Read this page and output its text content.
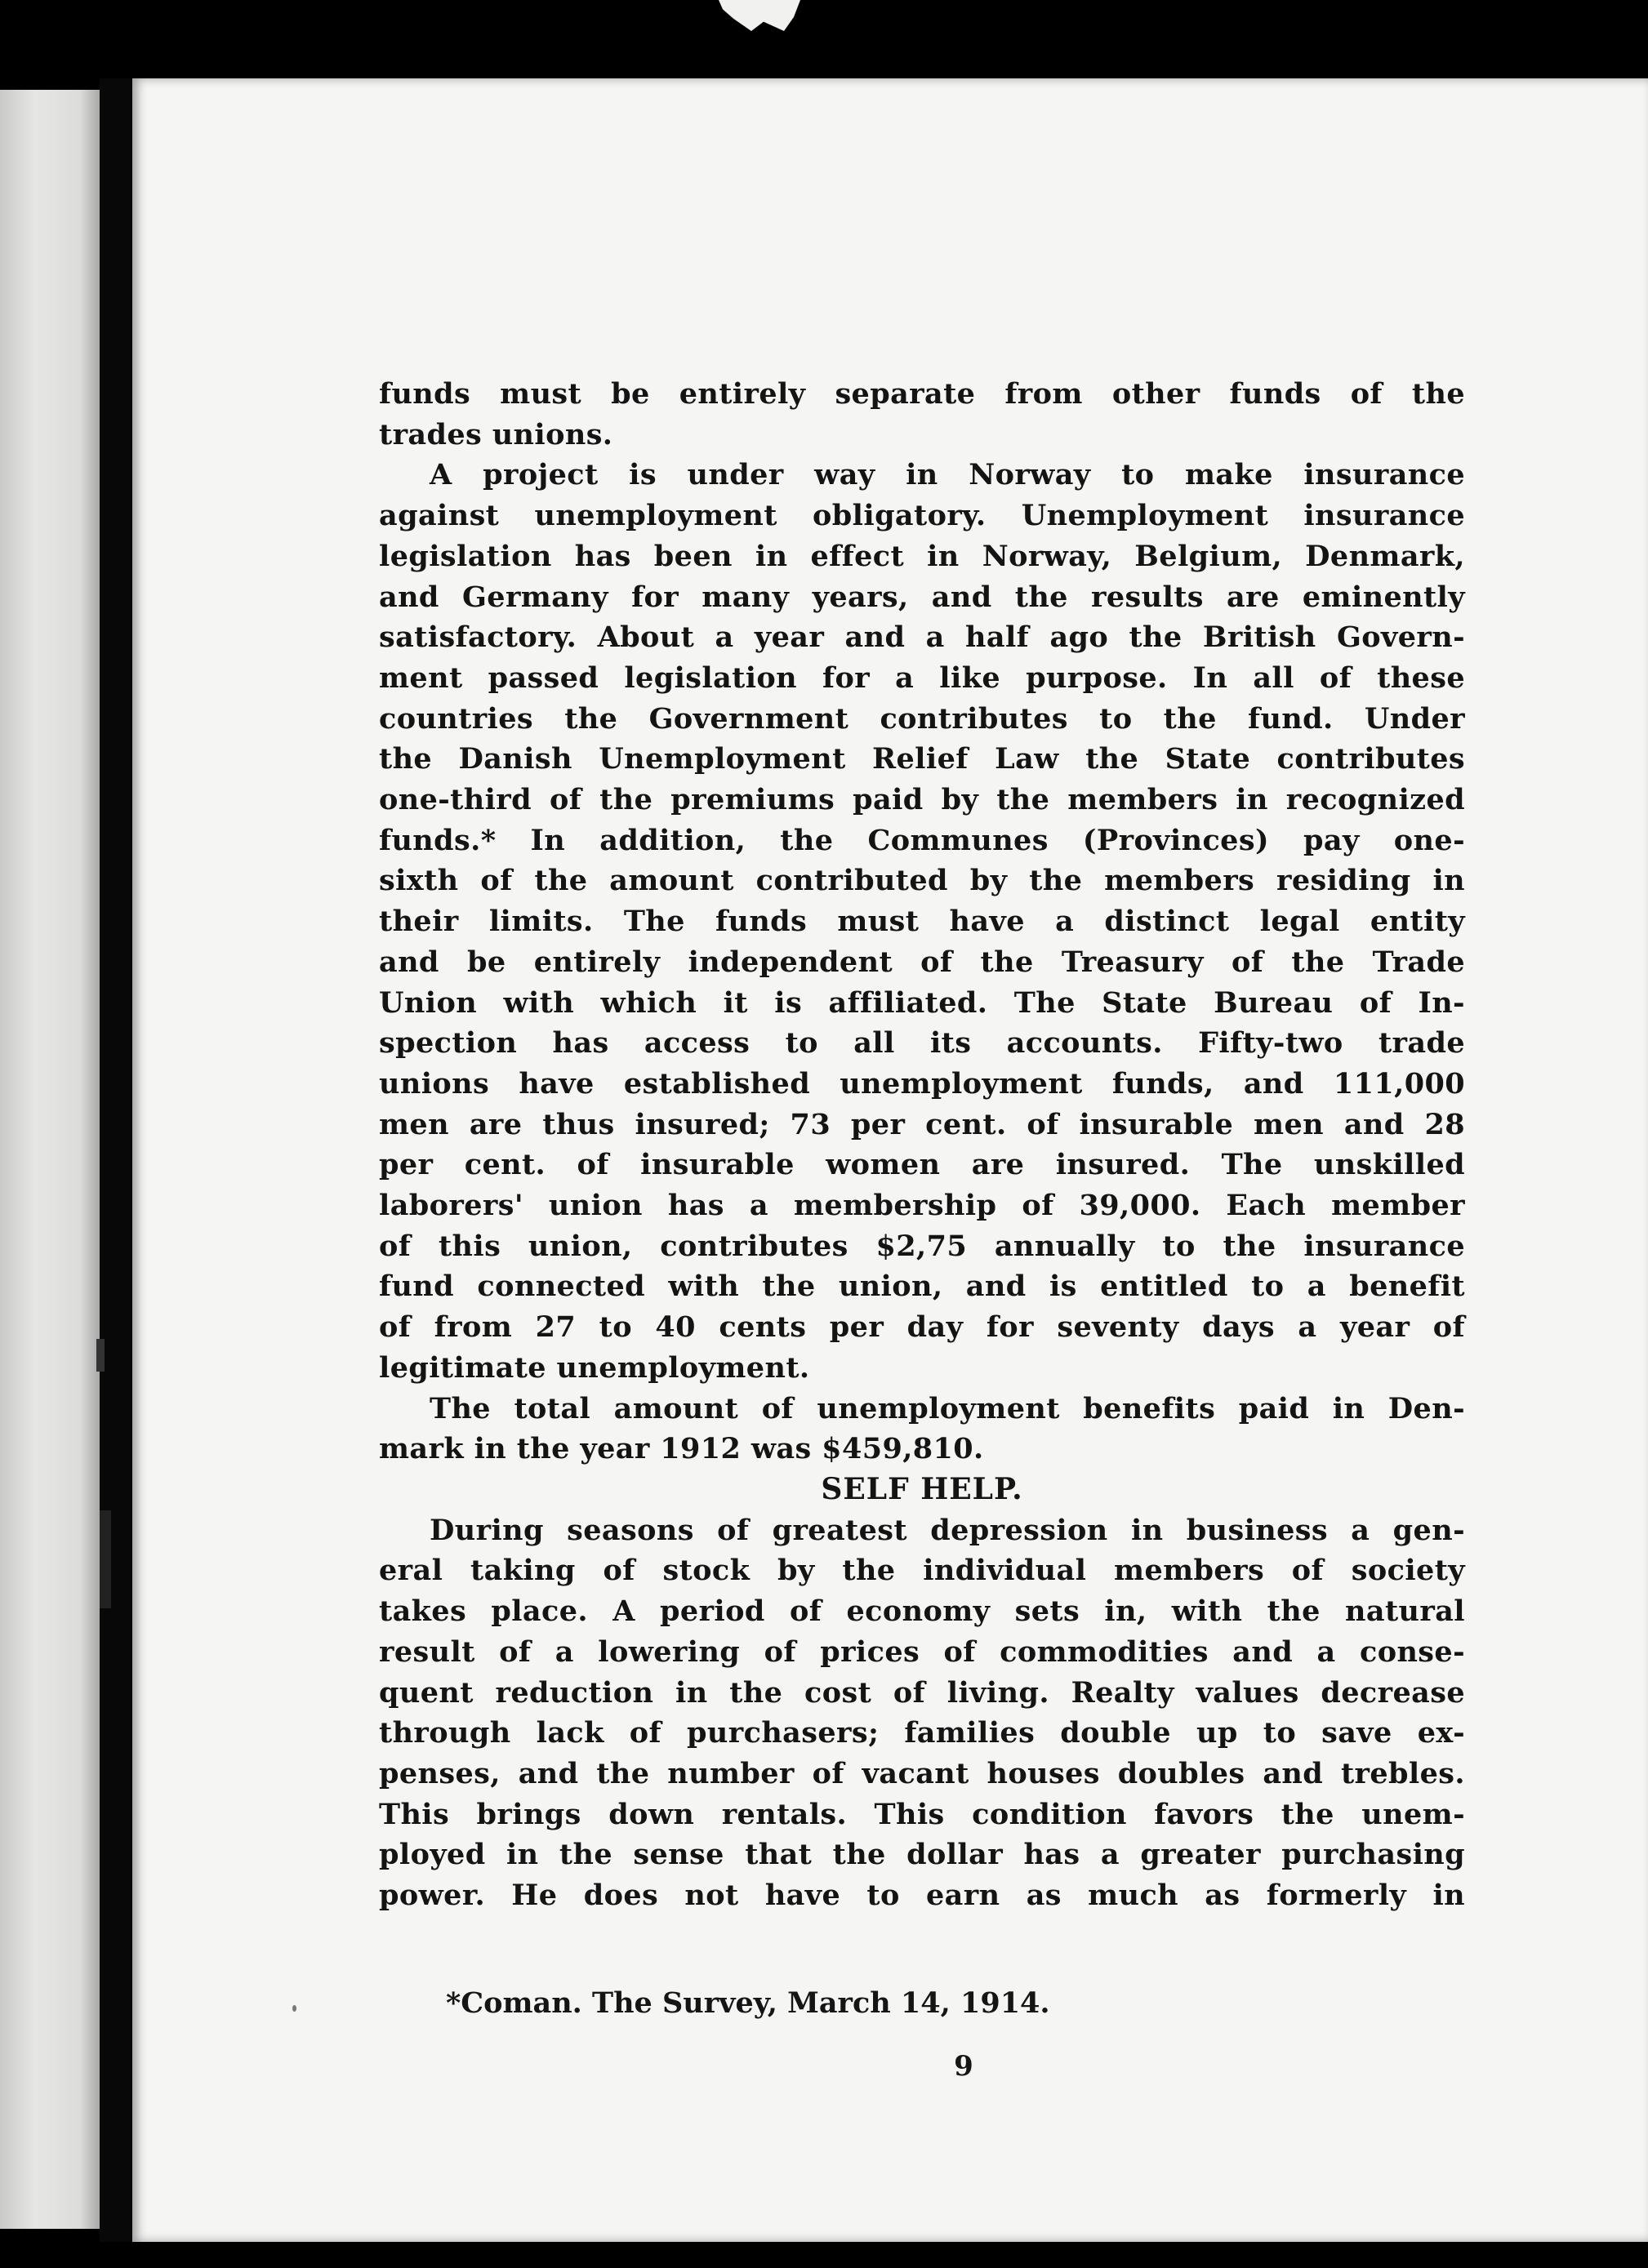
funds must be entirely separate from other funds of the
trades unions.
A project is under way in Norway to make insurance
against unemployment obligatory. Unemployment insurance
legislation has been in effect in Norway, Belgium, Denmark,
and Germany for many years, and the results are eminently
satisfactory. About a year and a half ago the British Govern-
ment passed legislation for a like purpose. In all of these
countries the Government contributes to the fund. Under
the Danish Unemployment Relief Law the State contributes
one-third of the premiums paid by the members in recognized
funds.* In addition, the Communes (Provinces) pay one-
sixth of the amount contributed by the members residing in
their limits. The funds must have a distinct legal entity
and be entirely independent of the Treasury of the Trade
Union with which it is affiliated. The State Bureau of In-
spection has access to all its accounts. Fifty-two trade
unions have established unemployment funds, and 111,000
men are thus insured; 73 per cent. of insurable men and 28
per cent. of insurable women are insured. The unskilled
laborers' union has a membership of 39,000. Each member
of this union, contributes $2,75 annually to the insurance
fund connected with the union, and is entitled to a benefit
of from 27 to 40 cents per day for seventy days a year of
legitimate unemployment.
The total amount of unemployment benefits paid in Den-
mark in the year 1912 was $459,810.
SELF HELP.
During seasons of greatest depression in business a gen-
eral taking of stock by the individual members of society
takes place. A period of economy sets in, with the natural
result of a lowering of prices of commodities and a conse-
quent reduction in the cost of living. Realty values decrease
through lack of purchasers; families double up to save ex-
penses, and the number of vacant houses doubles and trebles.
This brings down rentals. This condition favors the unem-
ployed in the sense that the dollar has a greater purchasing
power. He does not have to earn as much as formerly in
*Coman. The Survey, March 14, 1914.
9
